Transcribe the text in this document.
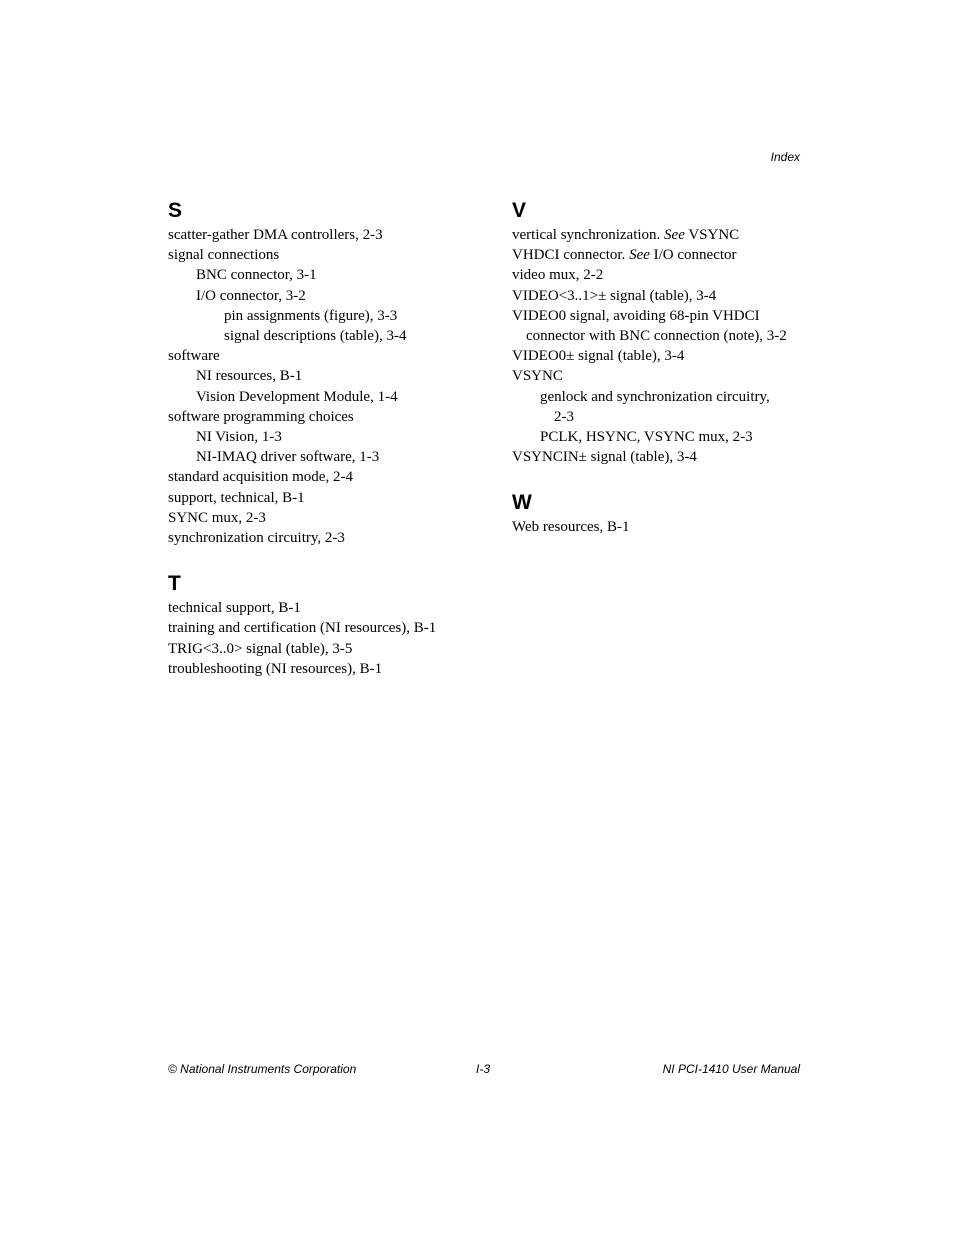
Index
S
scatter-gather DMA controllers, 2-3
signal connections
BNC connector, 3-1
I/O connector, 3-2
pin assignments (figure), 3-3
signal descriptions (table), 3-4
software
NI resources, B-1
Vision Development Module, 1-4
software programming choices
NI Vision, 1-3
NI-IMAQ driver software, 1-3
standard acquisition mode, 2-4
support, technical, B-1
SYNC mux, 2-3
synchronization circuitry, 2-3
T
technical support, B-1
training and certification (NI resources), B-1
TRIG<3..0> signal (table), 3-5
troubleshooting (NI resources), B-1
V
vertical synchronization. See VSYNC
VHDCI connector. See I/O connector
video mux, 2-2
VIDEO<3..1>± signal (table), 3-4
VIDEO0 signal, avoiding 68-pin VHDCI
connector with BNC connection (note), 3-2
VIDEO0± signal (table), 3-4
VSYNC
genlock and synchronization circuitry,
2-3
PCLK, HSYNC, VSYNC mux, 2-3
VSYNCIN± signal (table), 3-4
W
Web resources, B-1
© National Instruments Corporation	I-3	NI PCI-1410 User Manual
